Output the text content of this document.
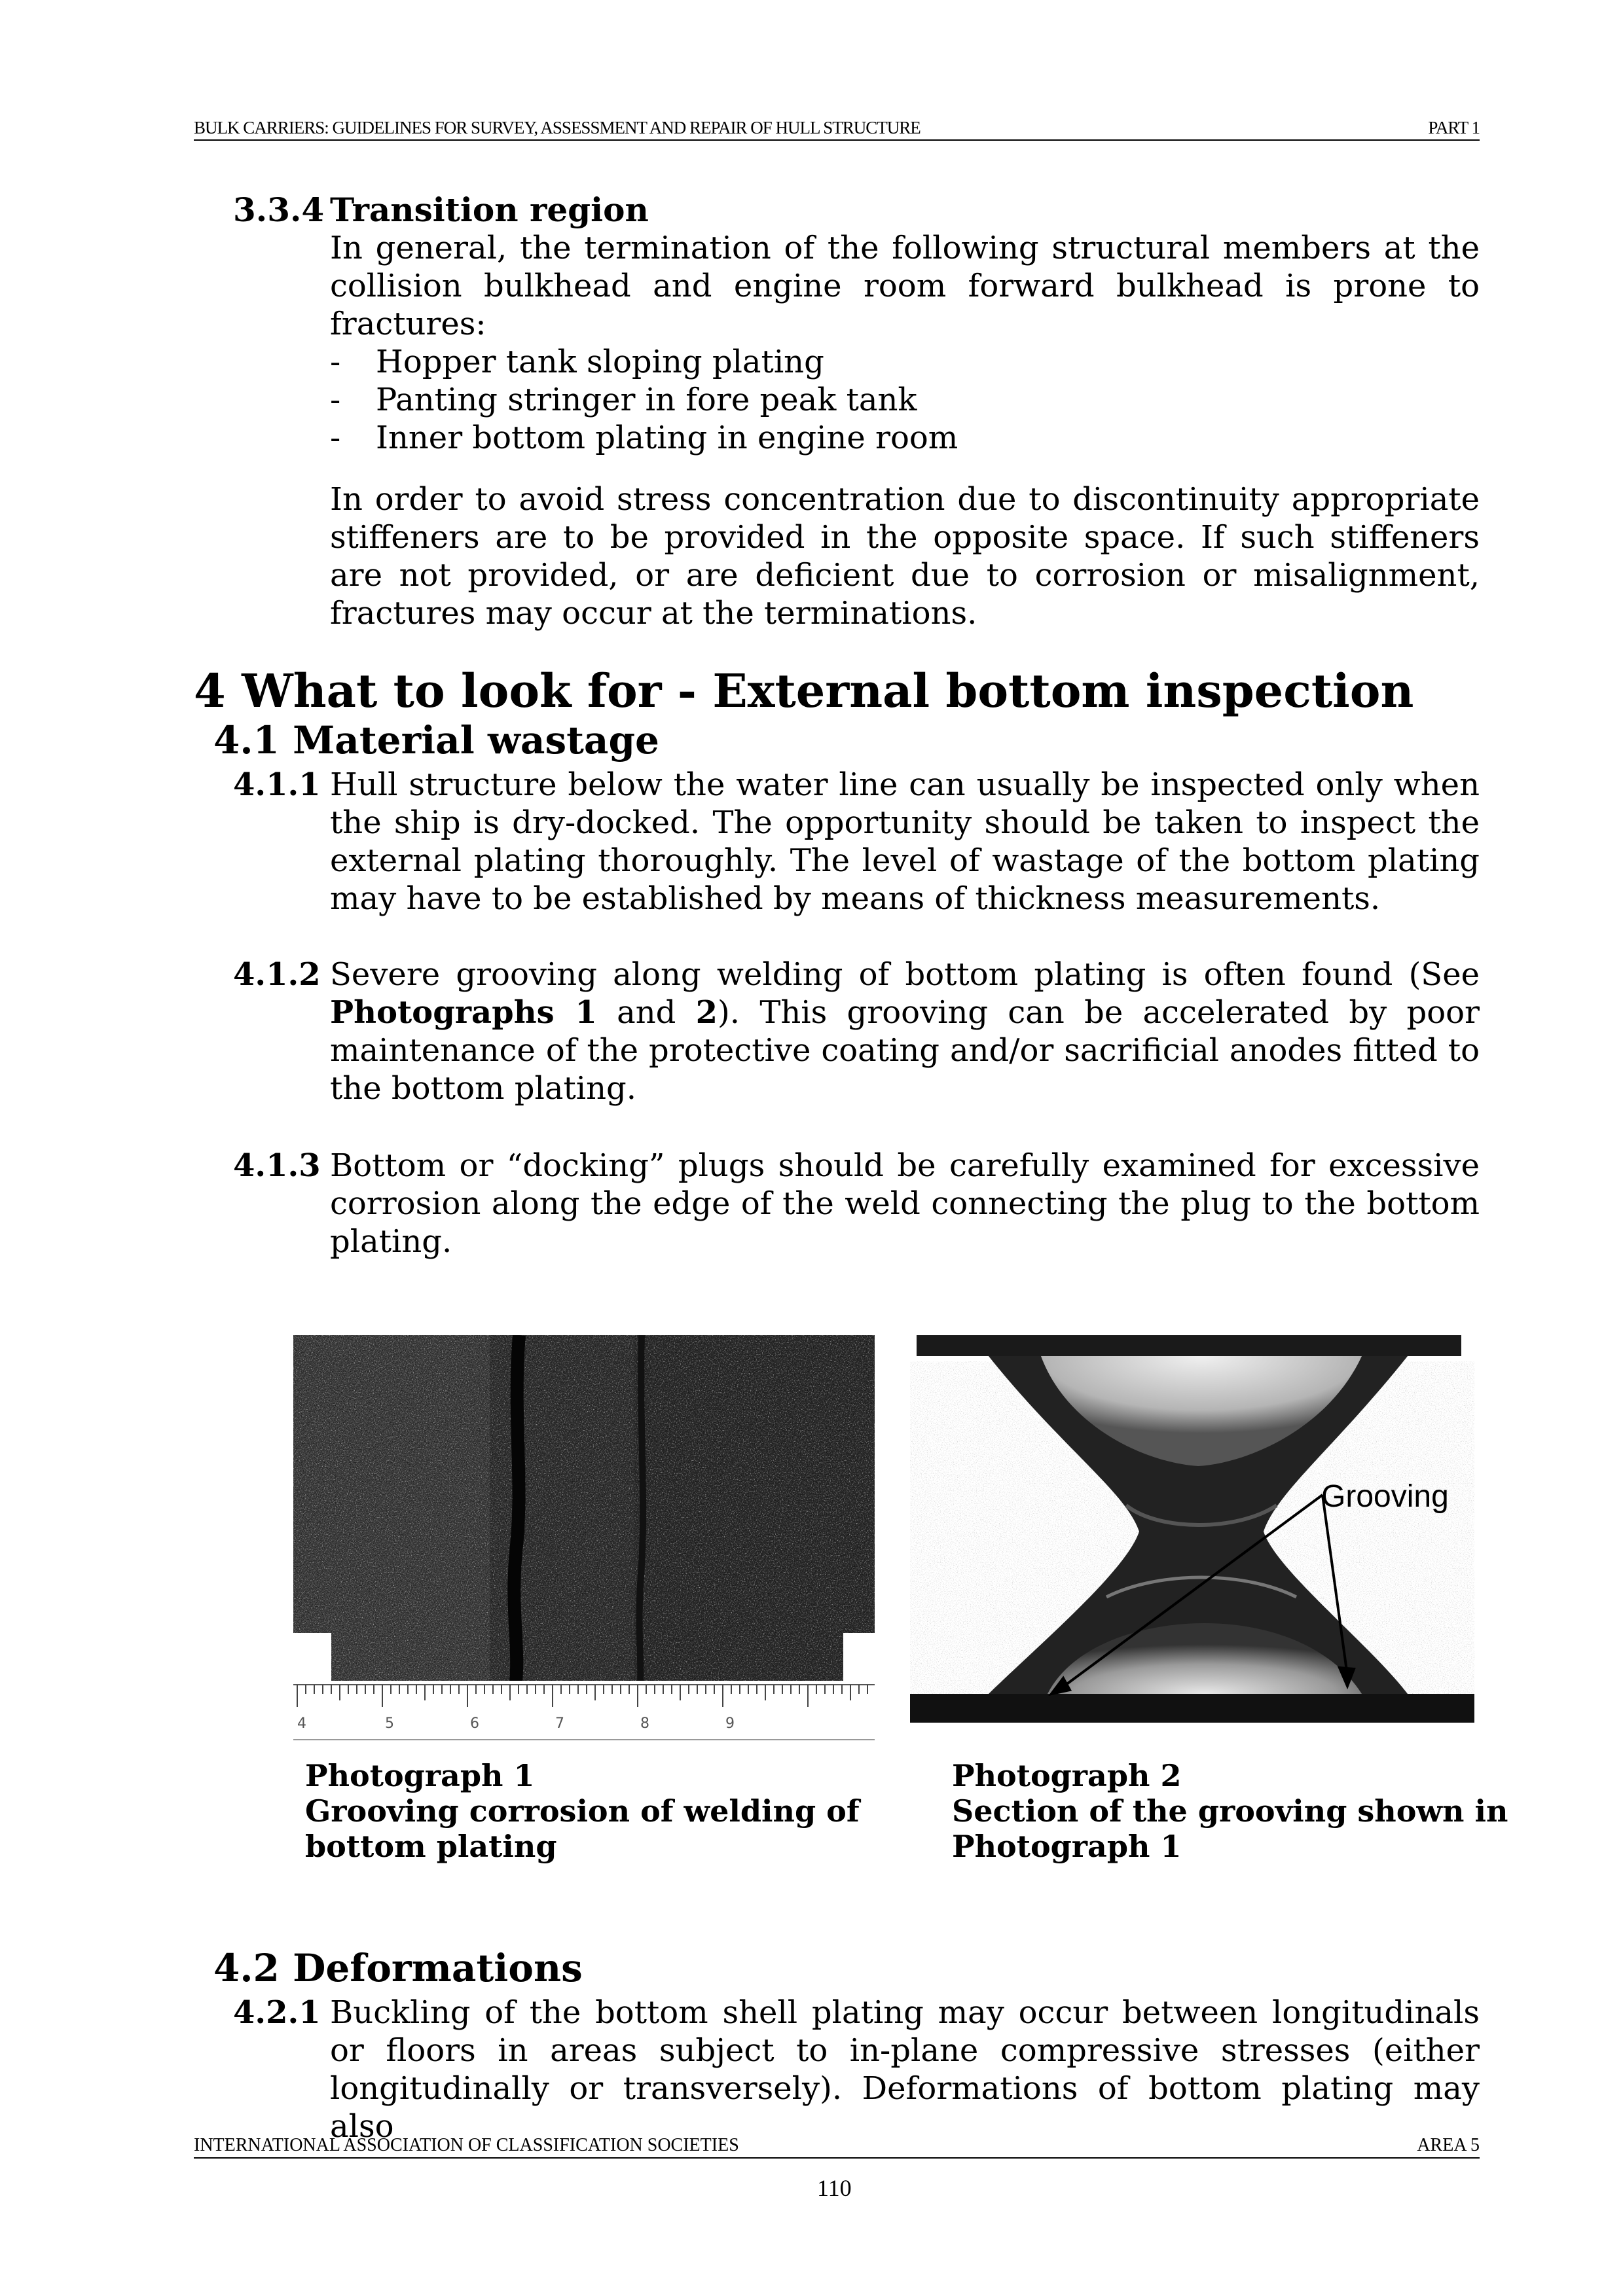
BULK CARRIERS: GUIDELINES FOR SURVEY, ASSESSMENT AND REPAIR OF HULL STRUCTURE	PART 1
3.3.4 Transition region
In general, the termination of the following structural members at the collision bulkhead and engine room forward bulkhead is prone to fractures:
-	Hopper tank sloping plating
-	Panting stringer in fore peak tank
-	Inner bottom plating in engine room
In order to avoid stress concentration due to discontinuity appropriate stiffeners are to be provided in the opposite space. If such stiffeners are not provided, or are deficient due to corrosion or misalignment, fractures may occur at the terminations.
4 What to look for - External bottom inspection
4.1 Material wastage
4.1.1 Hull structure below the water line can usually be inspected only when the ship is dry-docked. The opportunity should be taken to inspect the external plating thoroughly. The level of wastage of the bottom plating may have to be established by means of thickness measurements.
4.1.2 Severe grooving along welding of bottom plating is often found (See Photographs 1 and 2). This grooving can be accelerated by poor maintenance of the protective coating and/or sacrificial anodes fitted to the bottom plating.
4.1.3 Bottom or “docking” plugs should be carefully examined for excessive corrosion along the edge of the weld connecting the plug to the bottom plating.
4	5	6	7	8	9
Grooving
Photograph 1
Grooving corrosion of welding of
bottom plating
Photograph 2
Section of the grooving shown in
Photograph 1
4.2 Deformations
4.2.1 Buckling of the bottom shell plating may occur between longitudinals or floors in areas subject to in-plane compressive stresses (either longitudinally or transversely). Deformations of bottom plating may also
INTERNATIONAL ASSOCIATION OF CLASSIFICATION SOCIETIES	AREA 5
110
